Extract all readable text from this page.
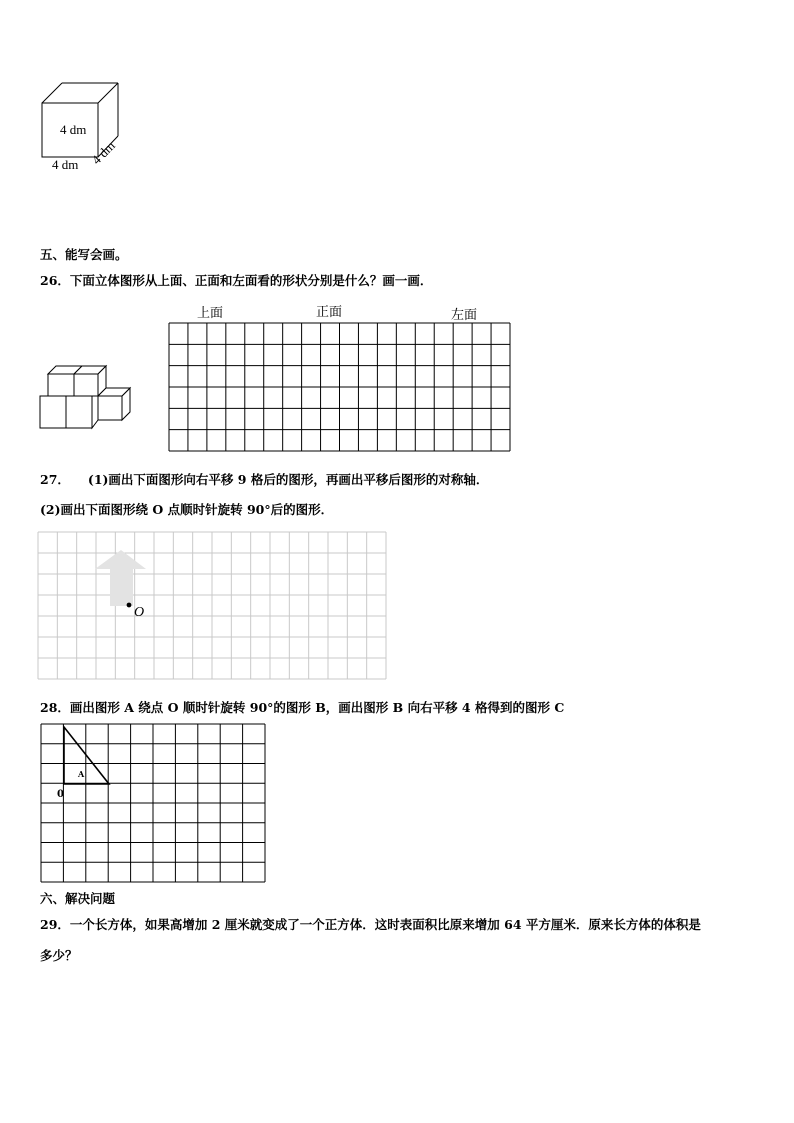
4 dm
4 dm 4 dm
五、能写会画。
26．下面立体图形从上面、正面和左面看的形状分别是什么？画一画．
上面	正面	左面
27． (1)画出下面图形向右平移 9 格后的图形，再画出平移后图形的对称轴．
(2)画出下面图形绕 O 点顺时针旋转 90°后的图形．
O
28．画出图形 A 绕点 O 顺时针旋转 90°的图形 B，画出图形 B 向右平移 4 格得到的图形 C
A
0
六、解决问题
29．一个长方体，如果高增加 2 厘米就变成了一个正方体．这时表面积比原来增加 64 平方厘米．原来长方体的体积是
多少？
